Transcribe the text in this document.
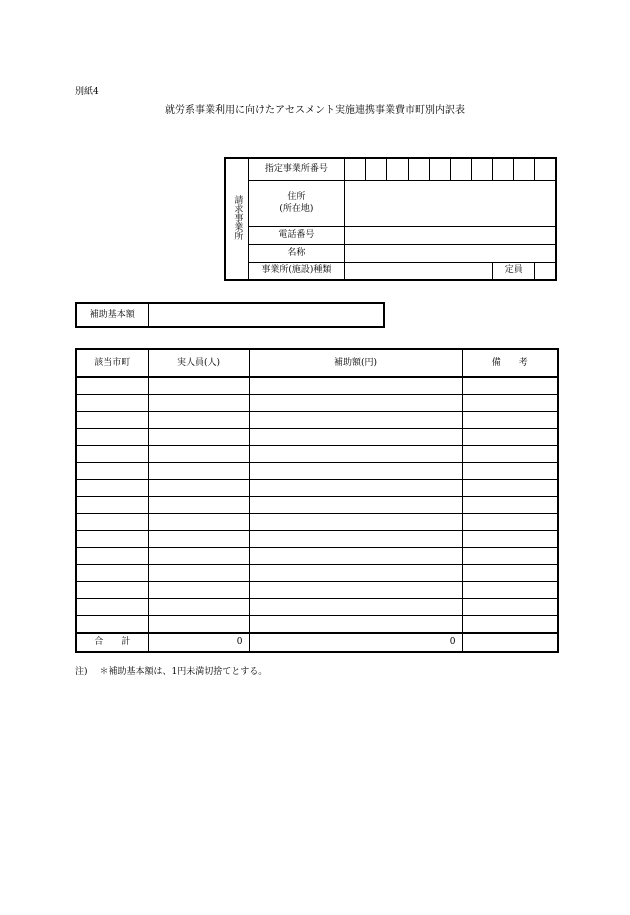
別紙4
就労系事業利用に向けたアセスメント実施連携事業費市町別内訳表
請求事業所	指定事業所番号										

	住所
(所在地)										

	電話番号										
	名称										
	事業所(施設)種類								定員		
補助基本額	
該当市町	実人員(人)	補助額(円)	備　　考

合　　計	0	0	
注) ＊補助基本額は、1円未満切捨てとする。
